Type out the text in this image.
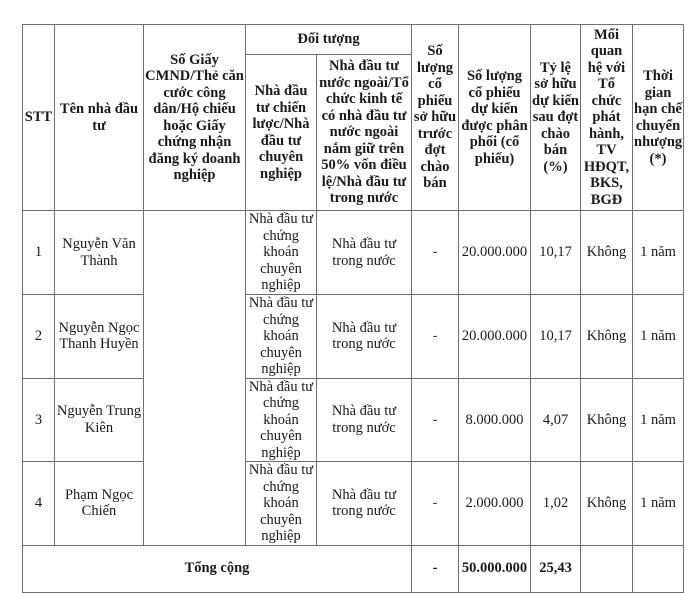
STT	Tên nhà đầu tư	Số Giấy CMND/Thẻ căn cước công dân/Hộ chiếu hoặc Giấy chứng nhận đăng ký doanh nghiệp	Đối tượng		Số lượng cổ phiếu sở hữu trước đợt chào bán	Số lượng cổ phiếu dự kiến được phân phối (cổ phiếu)	Tỷ lệ sở hữu dự kiến sau đợt chào bán (%)	Mối quan hệ với Tổ chức phát hành, TV HĐQT, BKS, BGĐ	Thời gian hạn chế chuyển nhượng (*)
			Nhà đầu tư chiến lược/Nhà đầu tư chuyên nghiệp	Nhà đầu tư nước ngoài/Tổ chức kinh tế có nhà đầu tư nước ngoài nắm giữ trên 50% vốn điều lệ/Nhà đầu tư trong nước					
1	Nguyễn Văn Thành		Nhà đầu tư chứng khoán chuyên nghiệp	Nhà đầu tư trong nước	-	20.000.000	10,17	Không	1 năm
2	Nguyễn Ngọc Thanh Huyền		Nhà đầu tư chứng khoán chuyên nghiệp	Nhà đầu tư trong nước	-	20.000.000	10,17	Không	1 năm
3	Nguyễn Trung Kiên		Nhà đầu tư chứng khoán chuyên nghiệp	Nhà đầu tư trong nước	-	8.000.000	4,07	Không	1 năm
4	Phạm Ngọc Chiến		Nhà đầu tư chứng khoán chuyên nghiệp	Nhà đầu tư trong nước	-	2.000.000	1,02	Không	1 năm
Tổng cộng					-	50.000.000	25,43		
